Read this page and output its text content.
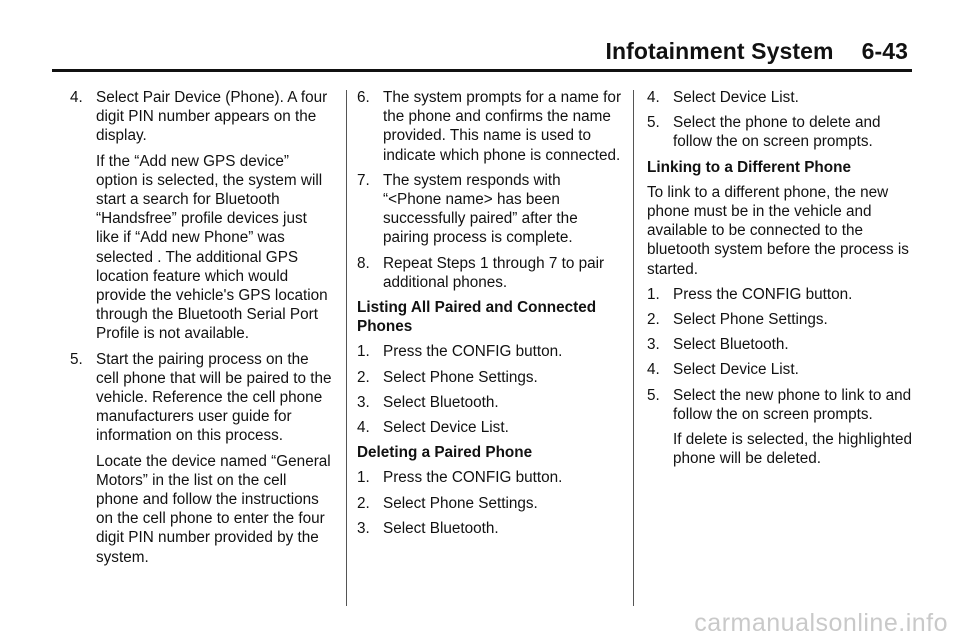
Infotainment System 6-43
4. Select Pair Device (Phone). A four digit PIN number appears on the display.
If the “Add new GPS device” option is selected, the system will start a search for Bluetooth “Handsfree” profile devices just like if “Add new Phone” was selected . The additional GPS location feature which would provide the vehicle's GPS location through the Bluetooth Serial Port Profile is not available.
5. Start the pairing process on the cell phone that will be paired to the vehicle. Reference the cell phone manufacturers user guide for information on this process.
Locate the device named “General Motors” in the list on the cell phone and follow the instructions on the cell phone to enter the four digit PIN number provided by the system.
6. The system prompts for a name for the phone and confirms the name provided. This name is used to indicate which phone is connected.
7. The system responds with “<Phone name> has been successfully paired” after the pairing process is complete.
8. Repeat Steps 1 through 7 to pair additional phones.
Listing All Paired and Connected Phones
1. Press the CONFIG button.
2. Select Phone Settings.
3. Select Bluetooth.
4. Select Device List.
Deleting a Paired Phone
1. Press the CONFIG button.
2. Select Phone Settings.
3. Select Bluetooth.
4. Select Device List.
5. Select the phone to delete and follow the on screen prompts.
Linking to a Different Phone
To link to a different phone, the new phone must be in the vehicle and available to be connected to the bluetooth system before the process is started.
1. Press the CONFIG button.
2. Select Phone Settings.
3. Select Bluetooth.
4. Select Device List.
5. Select the new phone to link to and follow the on screen prompts.
If delete is selected, the highlighted phone will be deleted.
carmanualsonline.info
